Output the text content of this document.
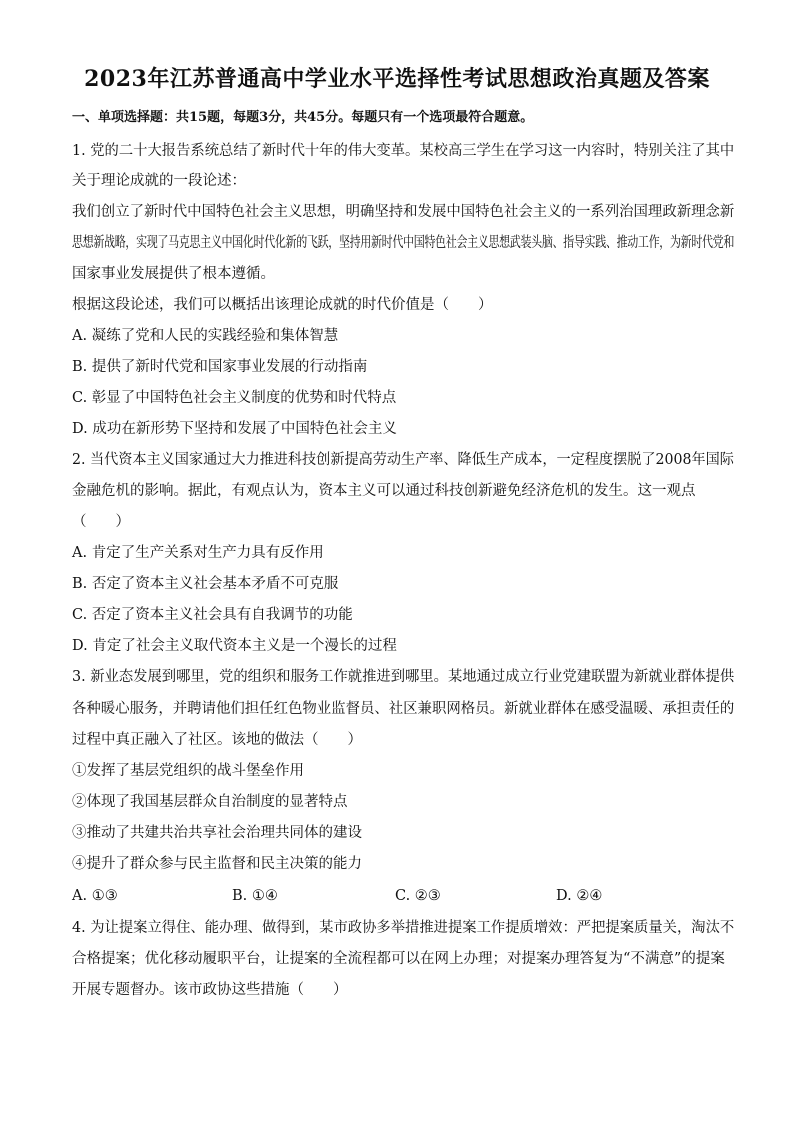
2023年江苏普通高中学业水平选择性考试思想政治真题及答案
一、单项选择题：共15题，每题3分，共45分。每题只有一个选项最符合题意。
1. 党的二十大报告系统总结了新时代十年的伟大变革。某校高三学生在学习这一内容时，特别关注了其中
关于理论成就的一段论述：
我们创立了新时代中国特色社会主义思想，明确坚持和发展中国特色社会主义的一系列治国理政新理念新
思想新战略，实现了马克思主义中国化时代化新的飞跃，坚持用新时代中国特色社会主义思想武装头脑、指导实践、推动工作，为新时代党和
国家事业发展提供了根本遵循。
根据这段论述，我们可以概括出该理论成就的时代价值是（　　）
A. 凝练了党和人民的实践经验和集体智慧
B. 提供了新时代党和国家事业发展的行动指南
C. 彰显了中国特色社会主义制度的优势和时代特点
D. 成功在新形势下坚持和发展了中国特色社会主义
2. 当代资本主义国家通过大力推进科技创新提高劳动生产率、降低生产成本，一定程度摆脱了2008年国际
金融危机的影响。据此，有观点认为，资本主义可以通过科技创新避免经济危机的发生。这一观点
（　　）
A. 肯定了生产关系对生产力具有反作用
B. 否定了资本主义社会基本矛盾不可克服
C. 否定了资本主义社会具有自我调节的功能
D. 肯定了社会主义取代资本主义是一个漫长的过程
3. 新业态发展到哪里，党的组织和服务工作就推进到哪里。某地通过成立行业党建联盟为新就业群体提供
各种暖心服务，并聘请他们担任红色物业监督员、社区兼职网格员。新就业群体在感受温暖、承担责任的
过程中真正融入了社区。该地的做法（　　）
①发挥了基层党组织的战斗堡垒作用
②体现了我国基层群众自治制度的显著特点
③推动了共建共治共享社会治理共同体的建设
④提升了群众参与民主监督和民主决策的能力
A. ①③	B. ①④	C. ②③	D. ②④
4. 为让提案立得住、能办理、做得到，某市政协多举措推进提案工作提质增效：严把提案质量关，淘汰不
合格提案；优化移动履职平台，让提案的全流程都可以在网上办理；对提案办理答复为“不满意”的提案
开展专题督办。该市政协这些措施（　　）
